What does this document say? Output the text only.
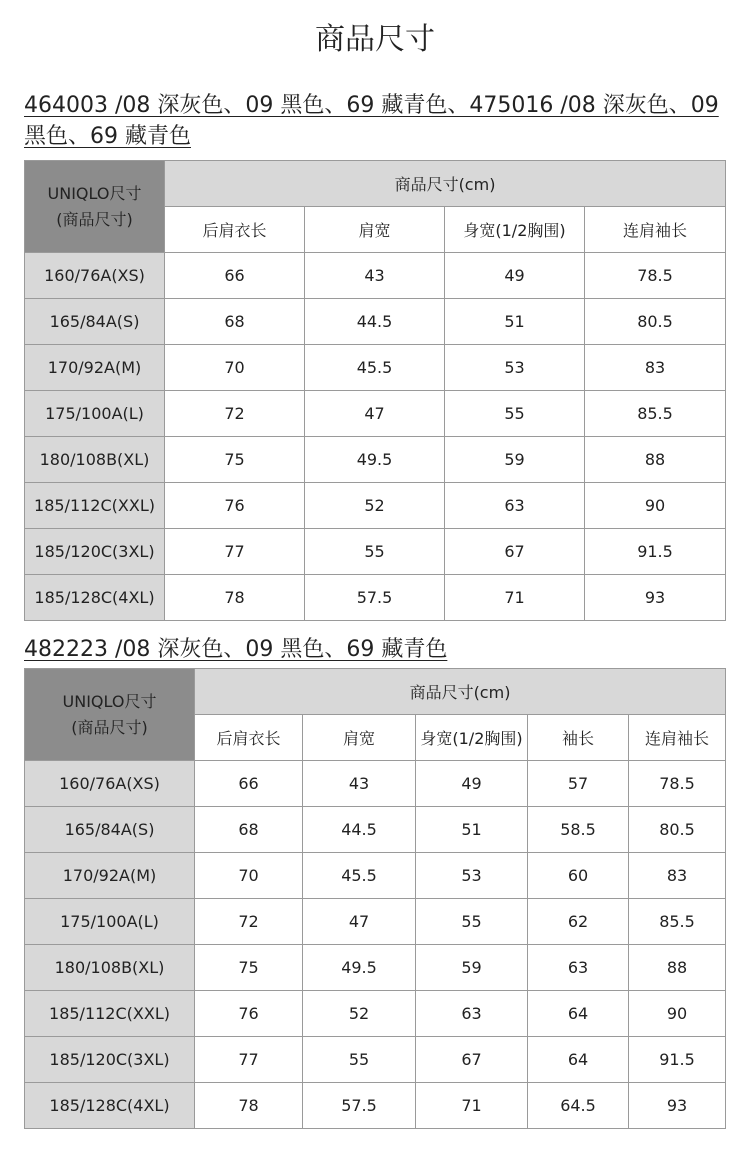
商品尺寸
464003 /08 深灰色、09 黑色、69 藏青色、475016 /08 深灰色、09 黑色、69 藏青色
UNIQLO尺寸
(商品尺寸)	商品尺寸(cm)			
	后肩衣长	肩宽	身宽(1/2胸围)	连肩袖长
160/76A(XS)	66	43	49	78.5
165/84A(S)	68	44.5	51	80.5
170/92A(M)	70	45.5	53	83
175/100A(L)	72	47	55	85.5
180/108B(XL)	75	49.5	59	88
185/112C(XXL)	76	52	63	90
185/120C(3XL)	77	55	67	91.5
185/128C(4XL)	78	57.5	71	93
482223 /08 深灰色、09 黑色、69 藏青色
UNIQLO尺寸
(商品尺寸)	商品尺寸(cm)				
	后肩衣长	肩宽	身宽(1/2胸围)	袖长	连肩袖长
160/76A(XS)	66	43	49	57	78.5
165/84A(S)	68	44.5	51	58.5	80.5
170/92A(M)	70	45.5	53	60	83
175/100A(L)	72	47	55	62	85.5
180/108B(XL)	75	49.5	59	63	88
185/112C(XXL)	76	52	63	64	90
185/120C(3XL)	77	55	67	64	91.5
185/128C(4XL)	78	57.5	71	64.5	93
